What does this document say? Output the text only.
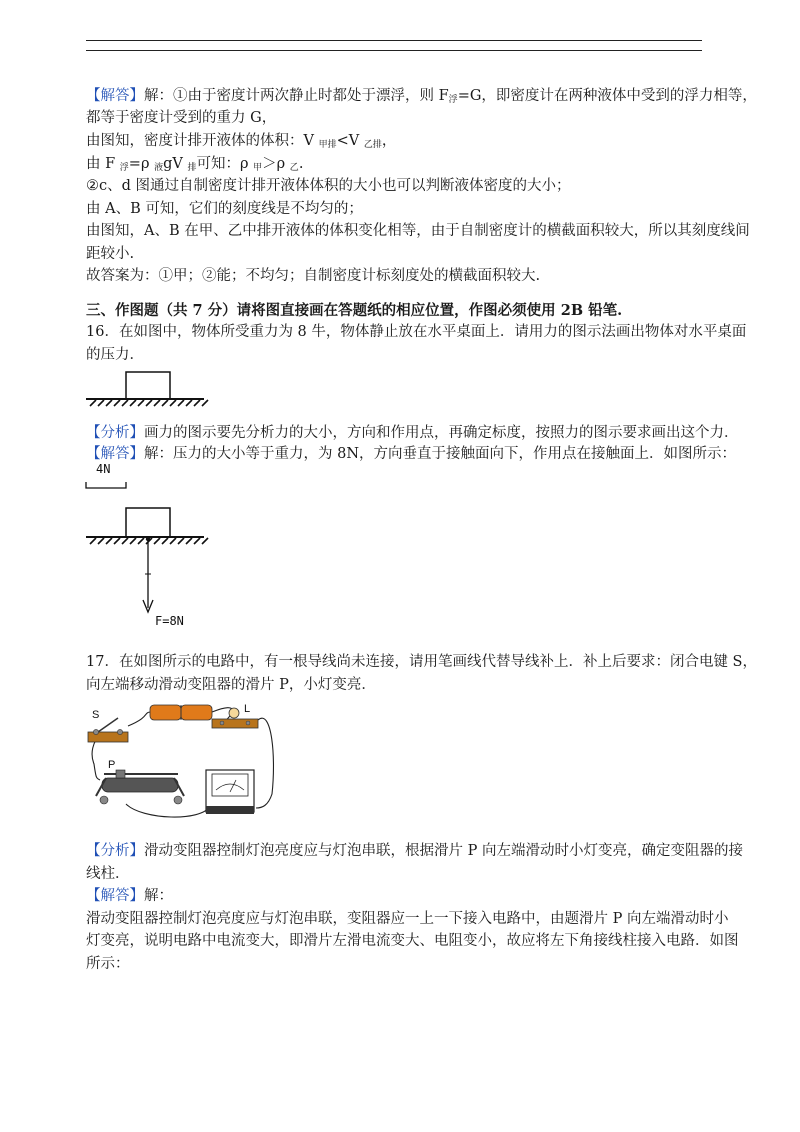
【解答】解：①由于密度计两次静止时都处于漂浮，则 $F_浮=G$，即密度计在两种液体中受到的浮力相等，
都等于密度计受到的重力 G，
由图知，密度计排开液体的体积：V $_{甲排}$<V $_{乙排}$，
由 F $_浮$=ρ $_液$gV $_排$可知：ρ $_甲$＞ρ $_乙$.
②c、d 图通过自制密度计排开液体体积的大小也可以判断液体密度的大小；
由 A、B 可知，它们的刻度线是不均匀的；
由图知，A、B 在甲、乙中排开液体的体积变化相等，由于自制密度计的横截面积较大，所以其刻度线间
距较小.
故答案为：①甲；②能；不均匀；自制密度计标刻度处的横截面积较大.
三、作图题（共 7 分）请将图直接画在答题纸的相应位置，作图必须使用 2B 铅笔.
16．在如图中，物体所受重力为 8 牛，物体静止放在水平桌面上．请用力的图示法画出物体对水平桌面
的压力．
【分析】画力的图示要先分析力的大小，方向和作用点，再确定标度，按照力的图示要求画出这个力．
【解答】解：压力的大小等于重力，为 8N，方向垂直于接触面向下，作用点在接触面上．如图所示：
4N
F=8N
17．在如图所示的电路中，有一根导线尚未连接，请用笔画线代替导线补上．补上后要求：闭合电键 S，
向左端移动滑动变阻器的滑片 P，小灯变亮．
S	L
P
【分析】滑动变阻器控制灯泡亮度应与灯泡串联，根据滑片 P 向左端滑动时小灯变亮，确定变阻器的接
线柱．
【解答】解：
滑动变阻器控制灯泡亮度应与灯泡串联，变阻器应一上一下接入电路中，由题滑片 P 向左端滑动时小
灯变亮，说明电路中电流变大，即滑片左滑电流变大、电阻变小，故应将左下角接线柱接入电路．如图
所示：
